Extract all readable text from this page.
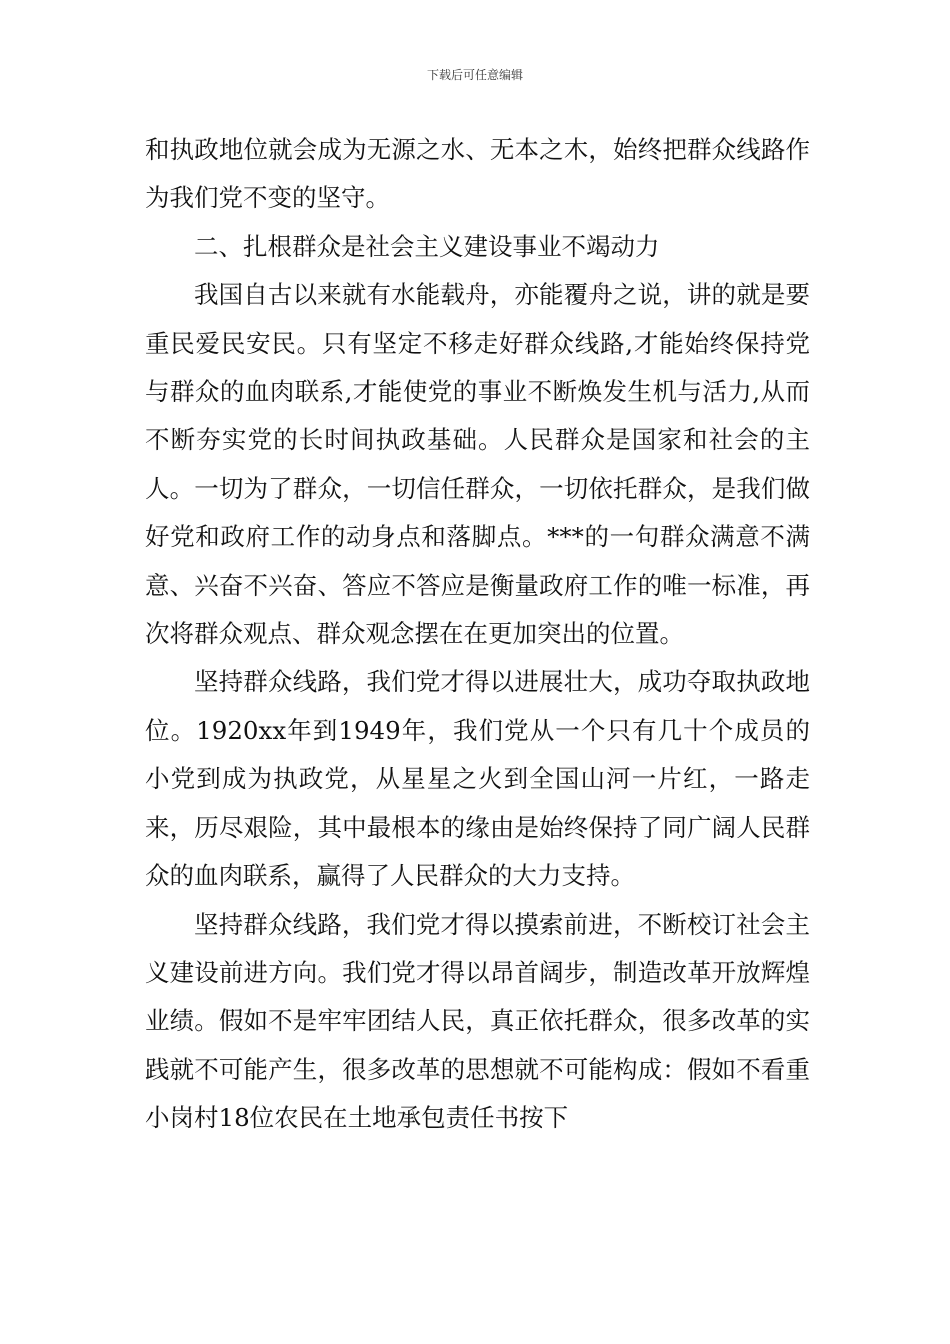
下载后可任意编辑

和执政地位就会成为无源之水、无本之木，始终把群众线路作为我们党不变的坚守。

二、扎根群众是社会主义建设事业不竭动力

我国自古以来就有水能载舟，亦能覆舟之说，讲的就是要重民爱民安民。只有坚定不移走好群众线路,才能始终保持党与群众的血肉联系,才能使党的事业不断焕发生机与活力,从而不断夯实党的长时间执政基础。人民群众是国家和社会的主人。一切为了群众，一切信任群众，一切依托群众，是我们做好党和政府工作的动身点和落脚点。***的一句群众满意不满意、兴奋不兴奋、答应不答应是衡量政府工作的唯一标准，再次将群众观点、群众观念摆在在更加突出的位置。

坚持群众线路，我们党才得以进展壮大，成功夺取执政地位。1920xx年到1949年，我们党从一个只有几十个成员的小党到成为执政党，从星星之火到全国山河一片红，一路走来，历尽艰险，其中最根本的缘由是始终保持了同广阔人民群众的血肉联系，赢得了人民群众的大力支持。

坚持群众线路，我们党才得以摸索前进，不断校订社会主义建设前进方向。我们党才得以昂首阔步，制造改革开放辉煌业绩。假如不是牢牢团结人民，真正依托群众，很多改革的实践就不可能产生，很多改革的思想就不可能构成：假如不看重小岗村18位农民在土地承包责任书按下
